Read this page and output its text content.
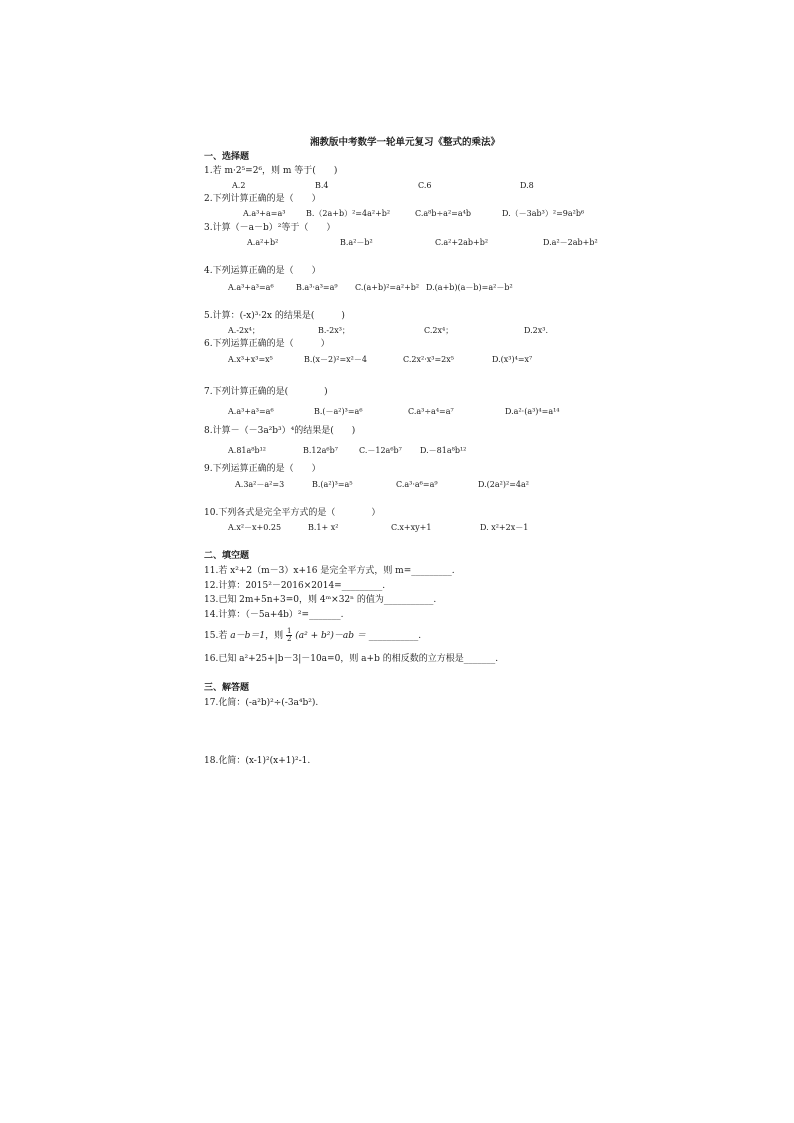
湘教版中考数学一轮单元复习《整式的乘法》
一、选择题
1.若 m·2⁵=2⁶，则 m 等于(　　)
A.2	B.4	C.6	D.8
2.下列计算正确的是（　　）
A.a³+a=a³	B.（2a+b）²=4a²+b²	C.a⁸b÷a²=a⁴b	D.（－3ab³）²=9a²b⁶
3.计算（－a－b）²等于（　　）
A.a²+b²	B.a²－b²	C.a²+2ab+b²	D.a²－2ab+b²
4.下列运算正确的是（　　）
A.a³+a³=a⁶	B.a³·a³=a⁹ C.(a+b)²=a²+b² D.(a+b)(a－b)=a²－b²
5.计算：(-x)³·2x 的结果是(　　　)
A.-2x⁴；	B.-2x³；	C.2x⁴；	D.2x³.
6.下列运算正确的是（　　　）
A.x³+x³=x⁵	B.(x－2)²=x²－4	C.2x²·x³=2x⁵	D.(x³)⁴=x⁷
7.下列计算正确的是(　　　　)
A.a³+a³=a⁶	B.(－a²)³=a⁶	C.a³÷a⁴=a⁷	D.a²·(a³)⁴=a¹⁴
8.计算－（－3a²b³）⁴的结果是(　　)
A.81a⁸b¹²	B.12a⁶b⁷	C.－12a⁶b⁷ D.－81a⁸b¹²
9.下列运算正确的是（　　）
A.3a²－a²=3	B.(a²)³=a⁵	C.a³·a⁶=a⁹	D.(2a²)²=4a²
10.下列各式是完全平方式的是（　　　　）
A.x²－x+0.25	B.1+ x²	C.x+xy+1	D. x²+2x－1
二、填空题
11.若 x²+2（m－3）x+16 是完全平方式，则 m=_________.
12.计算：2015²－2016×2014=_________.
13.已知 2m+5n+3=0，则 4ᵐ×32ⁿ 的值为___________.
14.计算：（－5a+4b）²=_______.
15.若 a－b＝1，则 $\frac{1}{2} (a^2 + b^2)-ab$ ＝ ___________.
16.已知 a²+25+|b－3|－10a=0，则 a+b 的相反数的立方根是_______.
三、解答题
17.化简：(-a²b)²÷(-3a⁴b²).
18.化简：(x-1)²(x+1)²-1.
